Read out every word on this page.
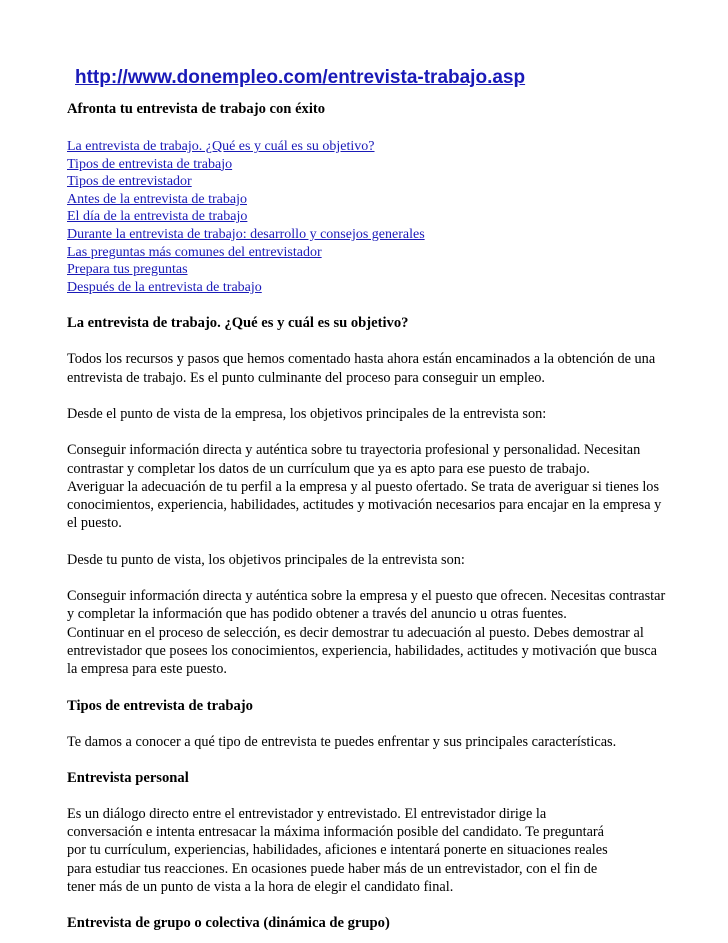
http://www.donempleo.com/entrevista-trabajo.asp

Afronta tu entrevista de trabajo con éxito

La entrevista de trabajo. ¿Qué es y cuál es su objetivo?
Tipos de entrevista de trabajo
Tipos de entrevistador
Antes de la entrevista de trabajo
El día de la entrevista de trabajo
Durante la entrevista de trabajo: desarrollo y consejos generales
Las preguntas más comunes del entrevistador
Prepara tus preguntas
Después de la entrevista de trabajo

La entrevista de trabajo. ¿Qué es y cuál es su objetivo?

Todos los recursos y pasos que hemos comentado hasta ahora están encaminados a la obtención de una entrevista de trabajo. Es el punto culminante del proceso para conseguir un empleo.

Desde el punto de vista de la empresa, los objetivos principales de la entrevista son:

Conseguir información directa y auténtica sobre tu trayectoria profesional y personalidad. Necesitan contrastar y completar los datos de un currículum que ya es apto para ese puesto de trabajo.

Averiguar la adecuación de tu perfil a la empresa y al puesto ofertado. Se trata de averiguar si tienes los conocimientos, experiencia, habilidades, actitudes y motivación necesarios para encajar en la empresa y el puesto.

Desde tu punto de vista, los objetivos principales de la entrevista son:

Conseguir información directa y auténtica sobre la empresa y el puesto que ofrecen. Necesitas contrastar y completar la información que has podido obtener a través del anuncio u otras fuentes.

Continuar en el proceso de selección, es decir demostrar tu adecuación al puesto. Debes demostrar al entrevistador que posees los conocimientos, experiencia, habilidades, actitudes y motivación que busca la empresa para este puesto.

Tipos de entrevista de trabajo

Te damos a conocer a qué tipo de entrevista te puedes enfrentar y sus principales características.

Entrevista personal

Es un diálogo directo entre el entrevistador y entrevistado. El entrevistador dirige la conversación e intenta entresacar la máxima información posible del candidato. Te preguntará por tu currículum, experiencias, habilidades, aficiones e intentará ponerte en situaciones reales para estudiar tus reacciones. En ocasiones puede haber más de un entrevistador, con el fin de tener más de un punto de vista a la hora de elegir el candidato final.

Entrevista de grupo o colectiva (dinámica de grupo)
